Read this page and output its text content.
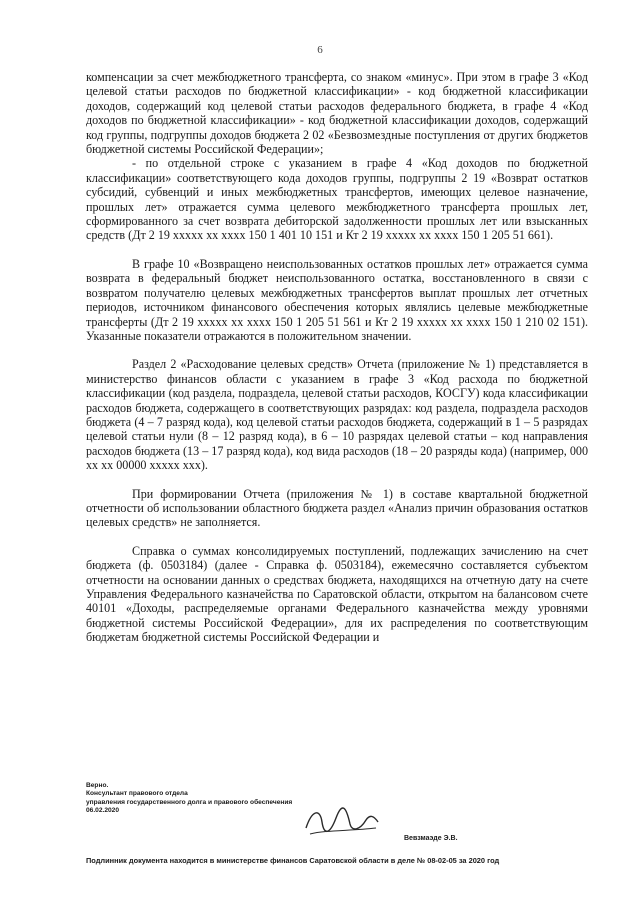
6

компенсации за счет межбюджетного трансферта, со знаком «минус». При этом в графе 3 «Код целевой статьи расходов по бюджетной классификации» - код бюджетной классификации доходов, содержащий код целевой статьи расходов федерального бюджета, в графе 4 «Код доходов по бюджетной классификации» - код бюджетной классификации доходов, содержащий код группы, подгруппы доходов бюджета 2 02 «Безвозмездные поступления от других бюджетов бюджетной системы Российской Федерации»;

- по отдельной строке с указанием в графе 4 «Код доходов по бюджетной классификации» соответствующего кода доходов группы, подгруппы 2 19 «Возврат остатков субсидий, субвенций и иных межбюджетных трансфертов, имеющих целевое назначение, прошлых лет» отражается сумма целевого межбюджетного трансферта прошлых лет, сформированного за счет возврата дебиторской задолженности прошлых лет или взысканных средств (Дт 2 19 ххххх хх хххх 150 1 401 10 151 и Кт 2 19 ххххх хх хххх 150 1 205 51 661).

В графе 10 «Возвращено неиспользованных остатков прошлых лет» отражается сумма возврата в федеральный бюджет неиспользованного остатка, восстановленного в связи с возвратом получателю целевых межбюджетных трансфертов выплат прошлых лет отчетных периодов, источником финансового обеспечения которых являлись целевые межбюджетные трансферты (Дт 2 19 ххххх хх хххх 150 1 205 51 561 и Кт 2 19 ххххх хх хххх 150 1 210 02 151). Указанные показатели отражаются в положительном значении.

Раздел 2 «Расходование целевых средств» Отчета (приложение № 1) представляется в министерство финансов области с указанием в графе 3 «Код расхода по бюджетной классификации (код раздела, подраздела, целевой статьи расходов, КОСГУ) кода классификации расходов бюджета, содержащего в соответствующих разрядах: код раздела, подраздела расходов бюджета (4 – 7 разряд кода), код целевой статьи расходов бюджета, содержащий в 1 – 5 разрядах целевой статьи нули (8 – 12 разряд кода), в 6 – 10 разрядах целевой статьи – код направления расходов бюджета (13 – 17 разряд кода), код вида расходов (18 – 20 разряды кода) (например, 000 хх хх 00000 ххххх ххх).

При формировании Отчета (приложения № 1) в составе квартальной бюджетной отчетности об использовании областного бюджета раздел «Анализ причин образования остатков целевых средств» не заполняется.

Справка о суммах консолидируемых поступлений, подлежащих зачислению на счет бюджета (ф. 0503184) (далее - Справка ф. 0503184), ежемесячно составляется субъектом отчетности на основании данных о средствах бюджета, находящихся на отчетную дату на счете Управления Федерального казначейства по Саратовской области, открытом на балансовом счете 40101 «Доходы, распределяемые органами Федерального казначейства между уровнями бюджетной системы Российской Федерации», для их распределения по соответствующим бюджетам бюджетной системы Российской Федерации и

Верно.
Консультант правового отдела
управления государственного долга и правового обеспечения
06.02.2020
Вевзмаэде Э.В.
Подлинник документа находится в министерстве финансов Саратовской области в деле № 08-02-05 за 2020 год
